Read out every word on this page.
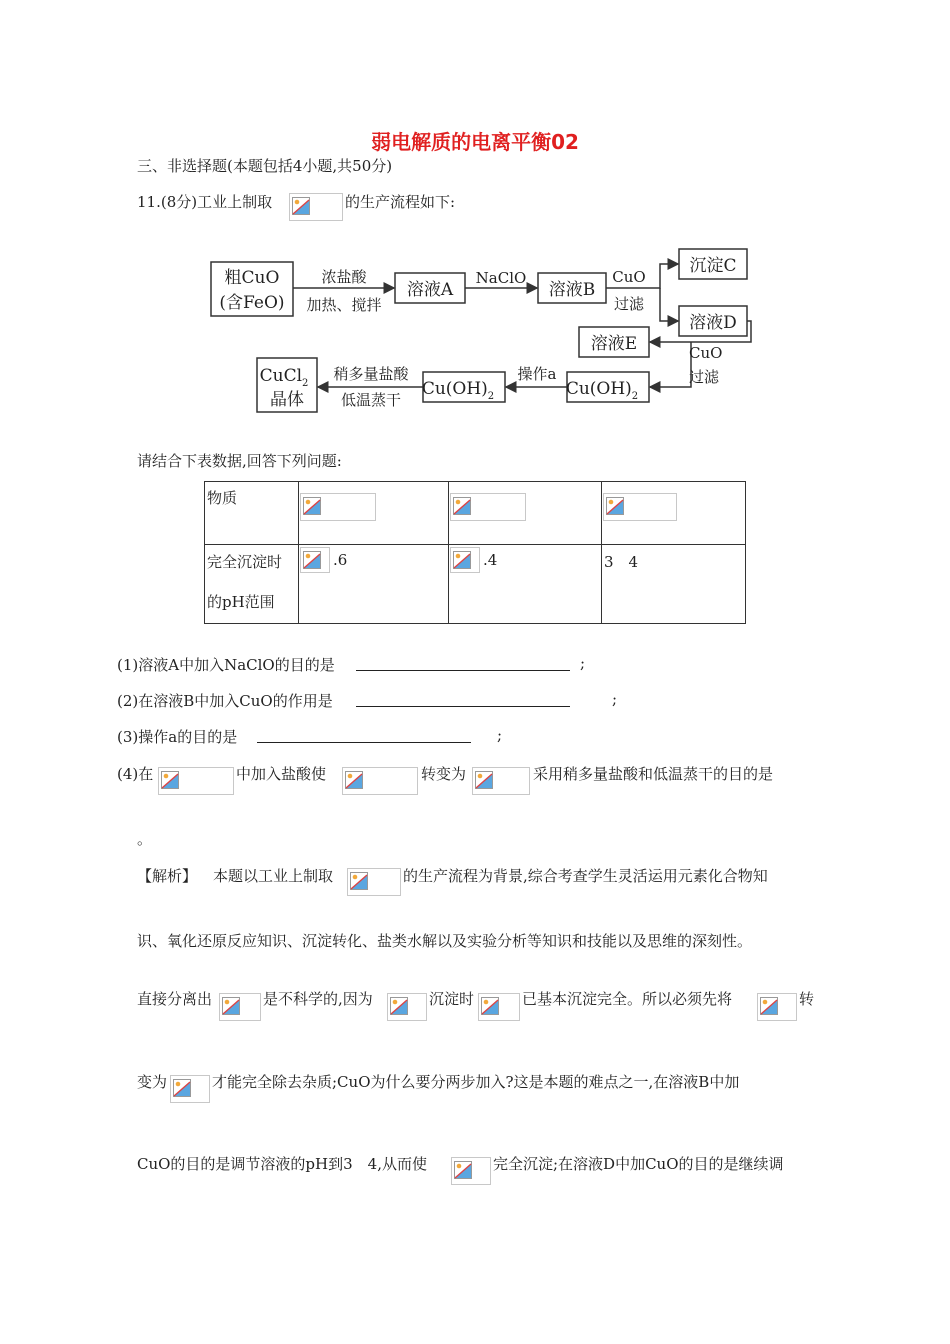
弱电解质的电离平衡02
三、非选择题(本题包括4小题,共50分)
11.(8分)工业上制取	的生产流程如下:
粗CuO
(含FeO)
溶液A	溶液B
沉淀C
溶液D
溶液E
$Cu(OH)_2$
$Cu(OH)_2$
CuCl$_2$
晶体
浓盐酸
加热、搅拌
NaClO	CuO
过滤
CuO
过滤
操作a
稍多量盐酸
低温蒸干
请结合下表数据,回答下列问题:
物质

完全沉淀时
的pH范围	.6	.4	3　4
(1)溶液A中加入NaClO的目的是	;
(2)在溶液B中加入CuO的作用是	;
(3)操作a的目的是	;
(4)在	中加入盐酸使	转变为	采用稍多量盐酸和低温蒸干的目的是
。
【解析】 本题以工业上制取	的生产流程为背景,综合考查学生灵活运用元素化合物知
识、氧化还原反应知识、沉淀转化、盐类水解以及实验分析等知识和技能以及思维的深刻性。
直接分离出	是不科学的,因为	沉淀时	已基本沉淀完全。所以必须先将	转
变为	才能完全除去杂质;CuO为什么要分两步加入?这是本题的难点之一,在溶液B中加
CuO的目的是调节溶液的pH到3　4,从而使	完全沉淀;在溶液D中加CuO的目的是继续调
